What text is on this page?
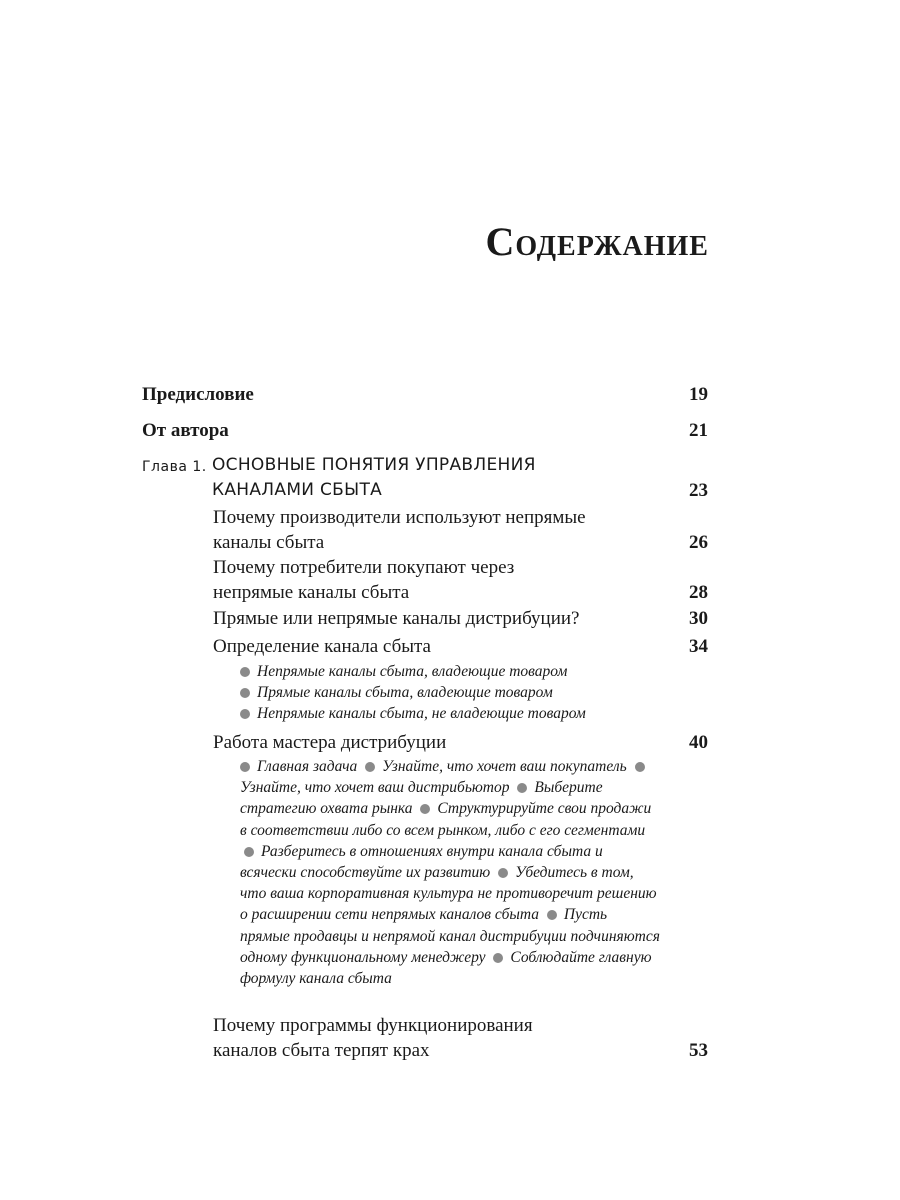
Содержание
Предисловие	19
От автора	21
Глава 1. ОСНОВНЫЕ ПОНЯТИЯ УПРАВЛЕНИЯ
КАНАЛАМИ СБЫТА	23
Почему производители используют непрямые
каналы сбыта	26
Почему потребители покупают через
непрямые каналы сбыта	28
Прямые или непрямые каналы дистрибуции?	30
Определение канала сбыта	34
Непрямые каналы сбыта, владеющие товаром
Прямые каналы сбыта, владеющие товаром
Непрямые каналы сбыта, не владеющие товаром
Работа мастера дистрибуции	40
Главная задача Узнайте, что хочет ваш покупатель Узнайте, что хочет ваш дистрибьютор Выберите стратегию охвата рынка Структурируйте свои продажи в соответствии либо со всем рынком, либо с его сегментами Разберитесь в отношениях внутри канала сбыта и всячески способствуйте их развитию Убедитесь в том, что ваша корпоративная культура не противоречит решению о расширении сети непрямых каналов сбыта Пусть прямые продавцы и непрямой канал дистрибуции подчиняются одному функциональному менеджеру Соблюдайте главную формулу канала сбыта
Почему программы функционирования
каналов сбыта терпят крах	53
